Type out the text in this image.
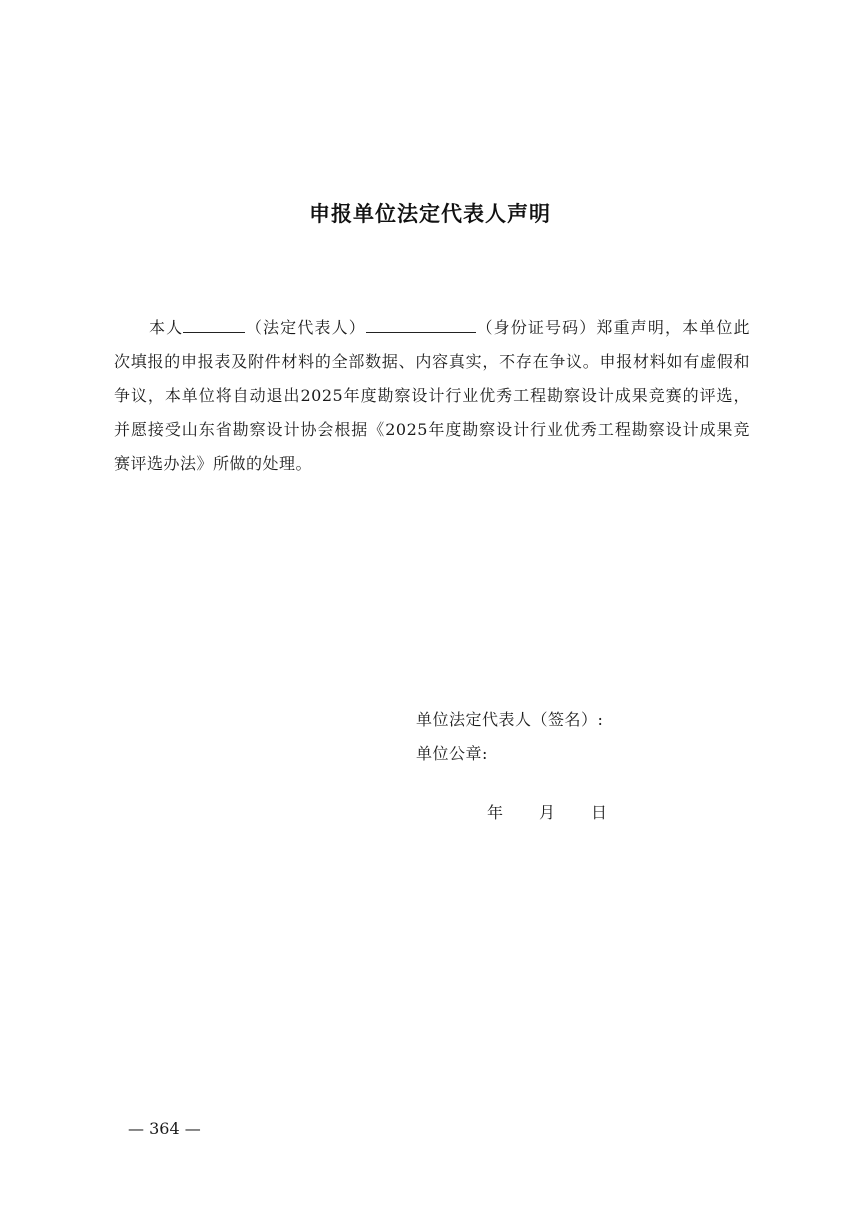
申报单位法定代表人声明

本人	（法定代表人）	（身份证号码）郑重声明，本单位此次填报的申报表及附件材料的全部数据、内容真实，不存在争议。申报材料如有虚假和争议，本单位将自动退出2025年度勘察设计行业优秀工程勘察设计成果竞赛的评选，并愿接受山东省勘察设计协会根据《2025年度勘察设计行业优秀工程勘察设计成果竞赛评选办法》所做的处理。

单位法定代表人（签名）:
单位公章:
年 月 日
— 364 —
